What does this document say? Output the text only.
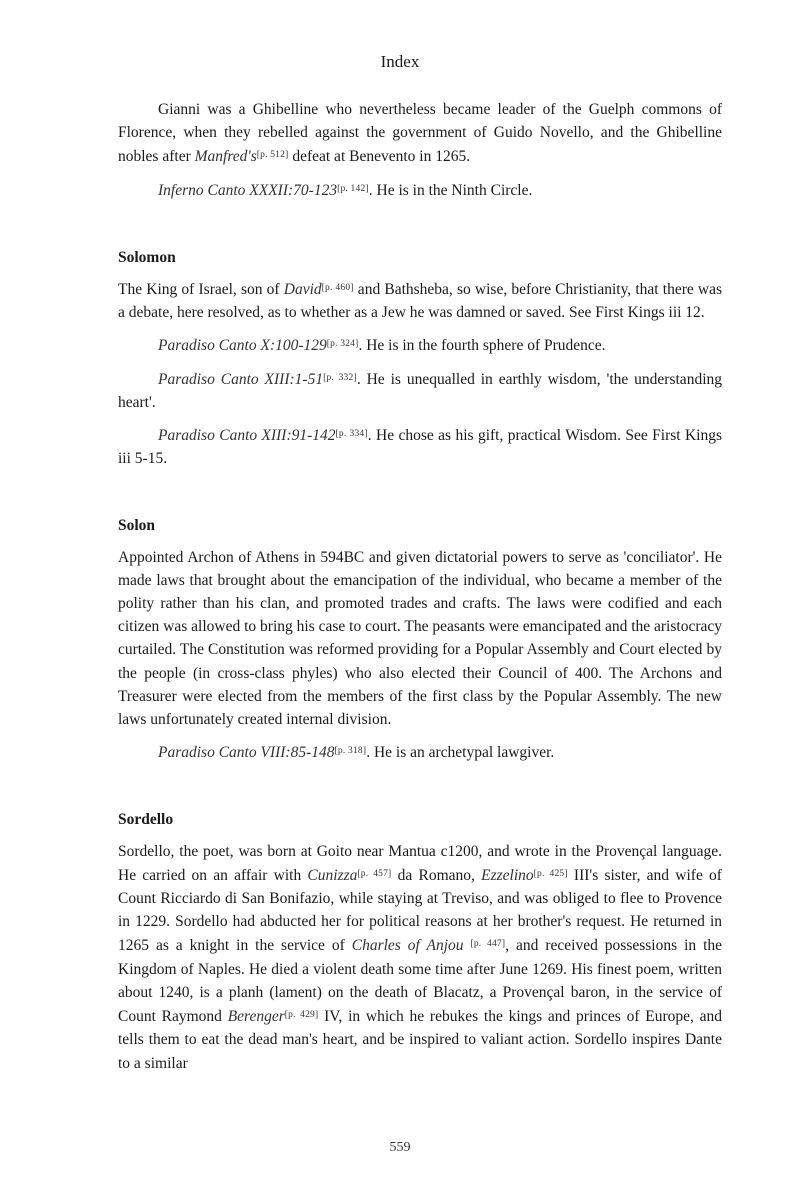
Index

Gianni was a Ghibelline who nevertheless became leader of the Guelph commons of Florence, when they rebelled against the government of Guido Novello, and the Ghibelline nobles after Manfred's[p. 512] defeat at Benevento in 1265.

Inferno Canto XXXII:70-123[p. 142]. He is in the Ninth Circle.

Solomon

The King of Israel, son of David[p. 460] and Bathsheba, so wise, before Christianity, that there was a debate, here resolved, as to whether as a Jew he was damned or saved. See First Kings iii 12.

Paradiso Canto X:100-129[p. 324]. He is in the fourth sphere of Prudence.

Paradiso Canto XIII:1-51[p. 332]. He is unequalled in earthly wisdom, 'the understanding heart'.

Paradiso Canto XIII:91-142[p. 334]. He chose as his gift, practical Wisdom. See First Kings iii 5-15.

Solon

Appointed Archon of Athens in 594BC and given dictatorial powers to serve as 'conciliator'. He made laws that brought about the emancipation of the individual, who became a member of the polity rather than his clan, and promoted trades and crafts. The laws were codified and each citizen was allowed to bring his case to court. The peasants were emancipated and the aristocracy curtailed. The Constitution was reformed providing for a Popular Assembly and Court elected by the people (in cross-class phyles) who also elected their Council of 400. The Archons and Treasurer were elected from the members of the first class by the Popular Assembly. The new laws unfortunately created internal division.

Paradiso Canto VIII:85-148[p. 318]. He is an archetypal lawgiver.

Sordello

Sordello, the poet, was born at Goito near Mantua c1200, and wrote in the Provençal language. He carried on an affair with Cunizza[p. 457] da Romano, Ezzelino[p. 425] III's sister, and wife of Count Ricciardo di San Bonifazio, while staying at Treviso, and was obliged to flee to Provence in 1229. Sordello had abducted her for political reasons at her brother's request. He returned in 1265 as a knight in the service of Charles of Anjou [p. 447], and received possessions in the Kingdom of Naples. He died a violent death some time after June 1269. His finest poem, written about 1240, is a planh (lament) on the death of Blacatz, a Provençal baron, in the service of Count Raymond Berenger[p. 429] IV, in which he rebukes the kings and princes of Europe, and tells them to eat the dead man's heart, and be inspired to valiant action. Sordello inspires Dante to a similar

559
